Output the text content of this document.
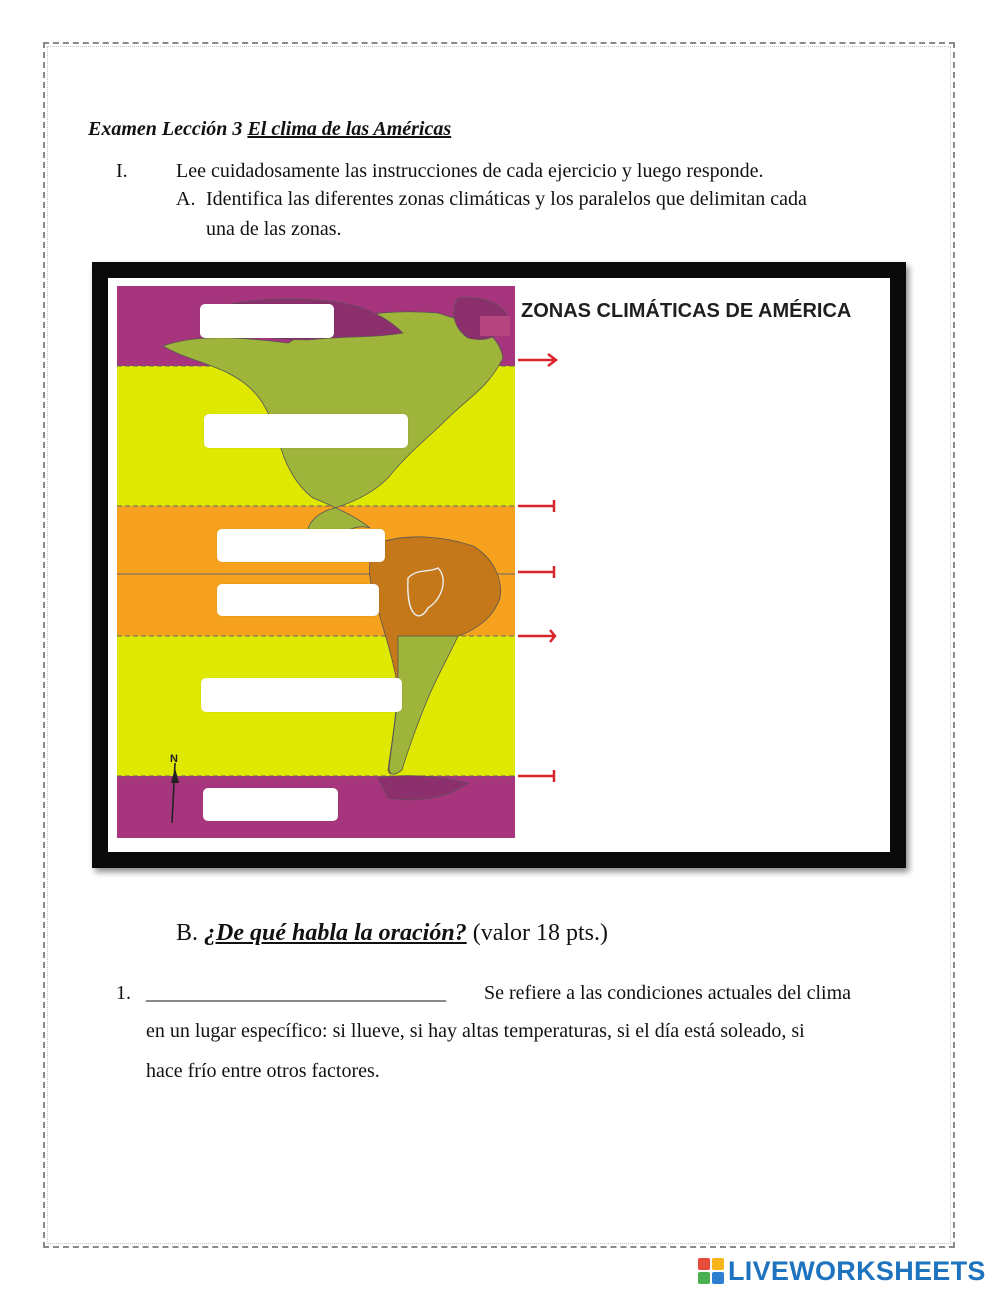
Examen Lección 3 El clima de las Américas
I. Lee cuidadosamente las instrucciones de cada ejercicio y luego responde.
A. Identifica las diferentes zonas climáticas y los paralelos que delimitan cada
una de las zonas.
N
ZONAS CLIMÁTICAS DE AMÉRICA
B. ¿De qué habla la oración? (valor 18 pts.)
1. ______________________________ Se refiere a las condiciones actuales del clima
en un lugar específico: si llueve, si hay altas temperaturas, si el día está soleado, si
hace frío entre otros factores.
LIVEWORKSHEETS
